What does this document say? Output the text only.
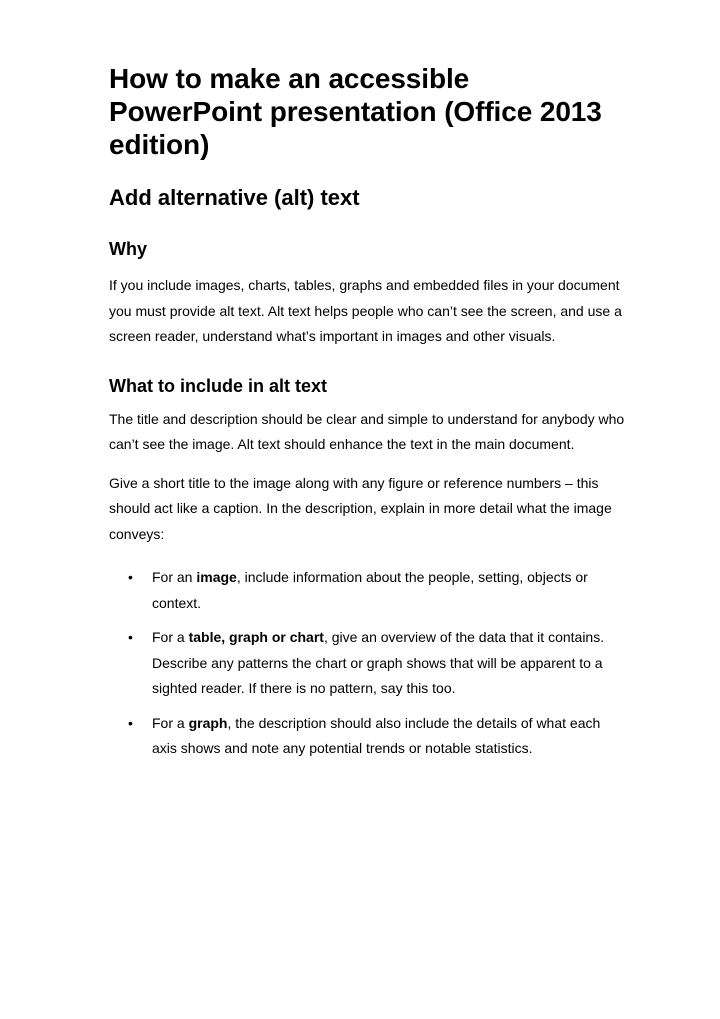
How to make an accessible PowerPoint presentation (Office 2013 edition)
Add alternative (alt) text
Why

If you include images, charts, tables, graphs and embedded files in your document you must provide alt text. Alt text helps people who can’t see the screen, and use a screen reader, understand what’s important in images and other visuals.

What to include in alt text

The title and description should be clear and simple to understand for anybody who can’t see the image. Alt text should enhance the text in the main document.

Give a short title to the image along with any figure or reference numbers – this should act like a caption. In the description, explain in more detail what the image conveys:

• For an image, include information about the people, setting, objects or context.
• For a table, graph or chart, give an overview of the data that it contains. Describe any patterns the chart or graph shows that will be apparent to a sighted reader. If there is no pattern, say this too.
• For a graph, the description should also include the details of what each axis shows and note any potential trends or notable statistics.
